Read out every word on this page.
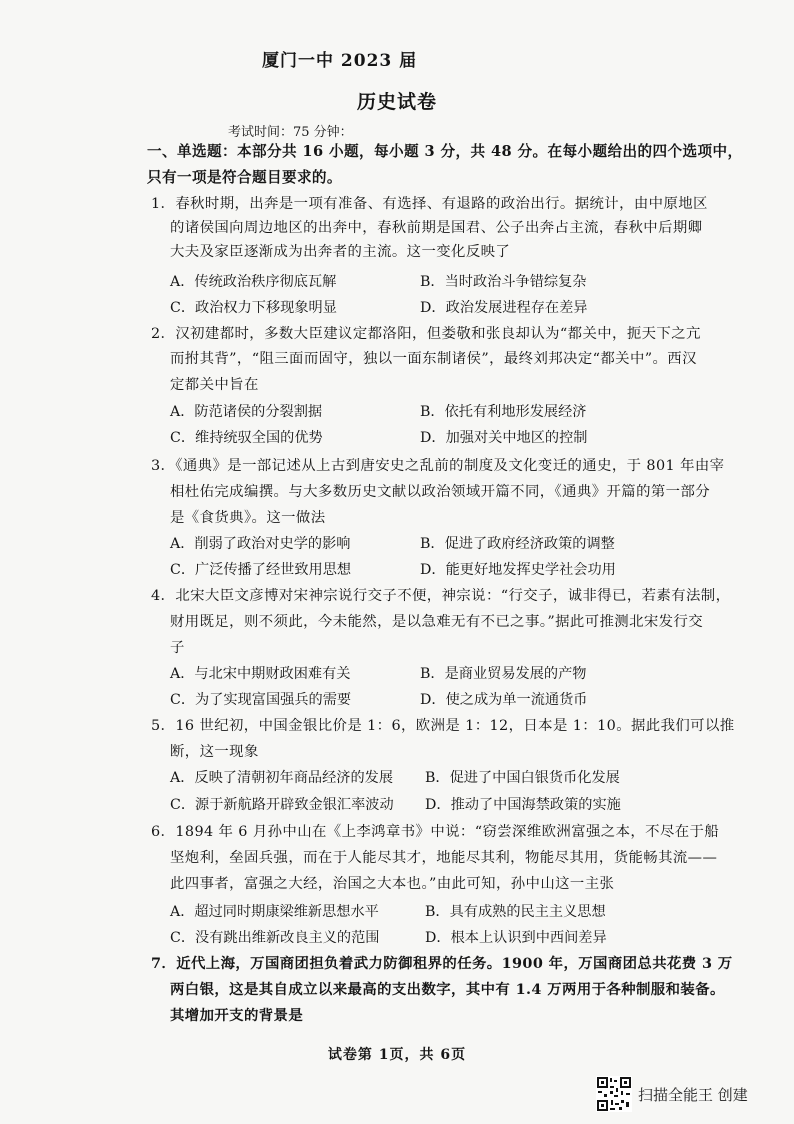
厦门一中 2023 届
历史试卷
考试时间：75 分钟：
一、单选题：本部分共 16 小题，每小题 3 分，共 48 分。在每小题给出的四个选项中，
只有一项是符合题目要求的。
1．春秋时期，出奔是一项有准备、有选择、有退路的政治出行。据统计，由中原地区
的诸侯国向周边地区的出奔中，春秋前期是国君、公子出奔占主流，春秋中后期卿
大夫及家臣逐渐成为出奔者的主流。这一变化反映了
A．传统政治秩序彻底瓦解	B．当时政治斗争错综复杂
C．政治权力下移现象明显	D．政治发展进程存在差异
2．汉初建都时，多数大臣建议定都洛阳，但娄敬和张良却认为“都关中，扼天下之亢
而拊其背”，“阻三面而固守，独以一面东制诸侯”，最终刘邦决定“都关中”。西汉
定都关中旨在
A．防范诸侯的分裂割据	B．依托有利地形发展经济
C．维持统驭全国的优势	D．加强对关中地区的控制
3．《通典》是一部记述从上古到唐安史之乱前的制度及文化变迁的通史，于 801 年由宰
相杜佑完成编撰。与大多数历史文献以政治领域开篇不同，《通典》开篇的第一部分
是《食货典》。这一做法
A．削弱了政治对史学的影响	B．促进了政府经济政策的调整
C．广泛传播了经世致用思想	D．能更好地发挥史学社会功用
4．北宋大臣文彦博对宋神宗说行交子不便，神宗说：“行交子，诚非得已，若素有法制，
财用既足，则不须此，今未能然，是以急难无有不已之事。”据此可推测北宋发行交
子
A．与北宋中期财政困难有关	B．是商业贸易发展的产物
C．为了实现富国强兵的需要	D．使之成为单一流通货币
5．16 世纪初，中国金银比价是 1：6，欧洲是 1：12，日本是 1：10。据此我们可以推
断，这一现象
A．反映了清朝初年商品经济的发展 B．促进了中国白银货币化发展
C．源于新航路开辟致金银汇率波动 D．推动了中国海禁政策的实施
6．1894 年 6 月孙中山在《上李鸿章书》中说：“窃尝深维欧洲富强之本，不尽在于船
坚炮利，垒固兵强，而在于人能尽其才，地能尽其利，物能尽其用，货能畅其流——
此四事者，富强之大经，治国之大本也。”由此可知，孙中山这一主张
A．超过同时期康梁维新思想水平	B．具有成熟的民主主义思想
C．没有跳出维新改良主义的范围	D．根本上认识到中西间差异
7．近代上海，万国商团担负着武力防御租界的任务。1900 年，万国商团总共花费 3 万
两白银，这是其自成立以来最高的支出数字，其中有 1.4 万两用于各种制服和装备。
其增加开支的背景是
试卷第 1页，共 6页
扫描全能王 创建
